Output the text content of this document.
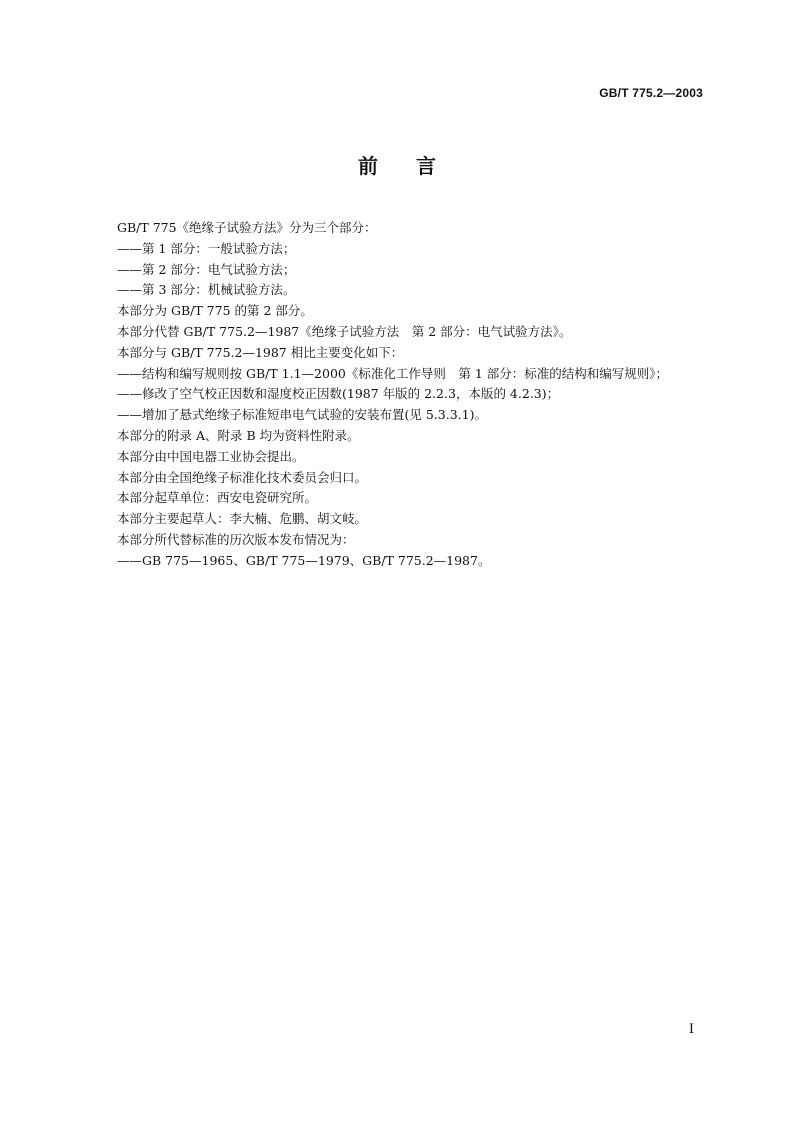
GB/T 775.2—2003
前言
GB/T 775《绝缘子试验方法》分为三个部分：
——第 1 部分：一般试验方法；
——第 2 部分：电气试验方法；
——第 3 部分：机械试验方法。
本部分为 GB/T 775 的第 2 部分。
本部分代替 GB/T 775.2—1987《绝缘子试验方法　第 2 部分：电气试验方法》。
本部分与 GB/T 775.2—1987 相比主要变化如下：
——结构和编写规则按 GB/T 1.1—2000《标准化工作导则　第 1 部分：标准的结构和编写规则》；
——修改了空气校正因数和湿度校正因数(1987 年版的 2.2.3，本版的 4.2.3)；
——增加了悬式绝缘子标准短串电气试验的安装布置(见 5.3.3.1)。
本部分的附录 A、附录 B 均为资料性附录。
本部分由中国电器工业协会提出。
本部分由全国绝缘子标准化技术委员会归口。
本部分起草单位：西安电瓷研究所。
本部分主要起草人：李大楠、危鹏、胡文岐。
本部分所代替标准的历次版本发布情况为：
——GB 775—1965、GB/T 775—1979、GB/T 775.2—1987。
I
